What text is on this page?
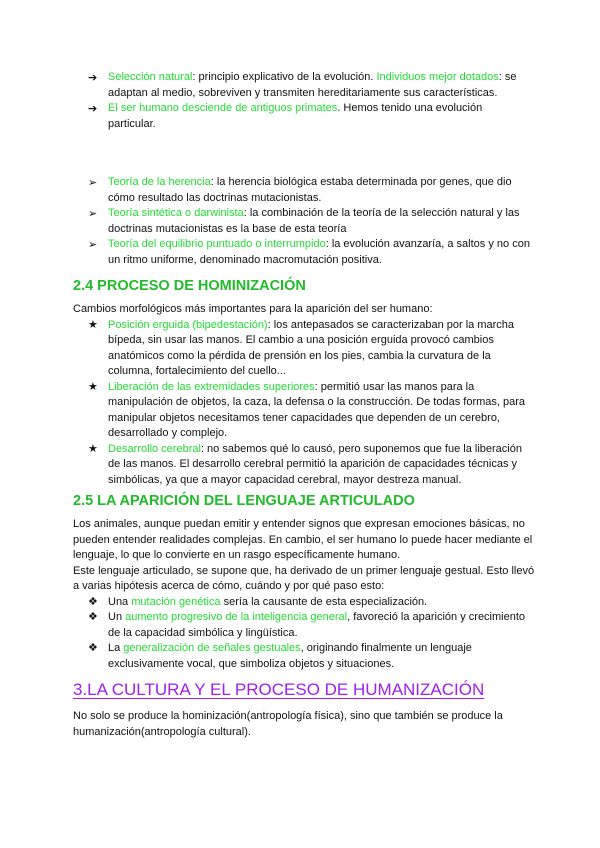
➔ Selección natural: principio explicativo de la evolución. Individuos mejor dotados: se adaptan al medio, sobreviven y transmiten hereditariamente sus características.
➔ El ser humano desciende de antiguos primates. Hemos tenido una evolución particular.
➢ Teoría de la herencia: la herencia biológica estaba determinada por genes, que dio cómo resultado las doctrinas mutacionistas.
➢ Teoría sintética o darwinista: la combinación de la teoría de la selección natural y las doctrinas mutacionistas es la base de esta teoría
➢ Teoría del equilibrio puntuado o interrumpido: la evolución avanzaría, a saltos y no con un ritmo uniforme, denominado macromutación positiva.
2.4 PROCESO DE HOMINIZACIÓN
Cambios morfológicos más importantes para la aparición del ser humano:
★ Posición erguida (bipedestación): los antepasados se caracterizaban por la marcha bípeda, sin usar las manos. El cambio a una posición erguida provocó cambios anatómicos como la pérdida de prensión en los pies, cambia la curvatura de la columna, fortalecimiento del cuello...
★ Liberación de las extremidades superiores: permitió usar las manos para la manipulación de objetos, la caza, la defensa o la construcción. De todas formas, para manipular objetos necesitamos tener capacidades que dependen de un cerebro, desarrollado y complejo.
★ Desarrollo cerebral: no sabemos qué lo causó, pero suponemos que fue la liberación de las manos. El desarrollo cerebral permitió la aparición de capacidades técnicas y simbólicas, ya que a mayor capacidad cerebral, mayor destreza manual.
2.5 LA APARICIÓN DEL LENGUAJE ARTICULADO
Los animales, aunque puedan emitir y entender signos que expresan emociones básicas, no pueden entender realidades complejas. En cambio, el ser humano lo puede hacer mediante el lenguaje, lo que lo convierte en un rasgo específicamente humano.
Este lenguaje articulado, se supone que, ha derivado de un primer lenguaje gestual. Esto llevó a varias hipótesis acerca de cómo, cuándo y por qué paso esto:
❖ Una mutación genética sería la causante de esta especialización.
❖ Un aumento progresivo de la inteligencia general, favoreció la aparición y crecimiento de la capacidad simbólica y lingüística.
❖ La generalización de señales gestuales, originando finalmente un lenguaje exclusivamente vocal, que simboliza objetos y situaciones.
3.LA CULTURA Y EL PROCESO DE HUMANIZACIÓN
No solo se produce la hominización(antropología física), sino que también se produce la humanización(antropología cultural).
